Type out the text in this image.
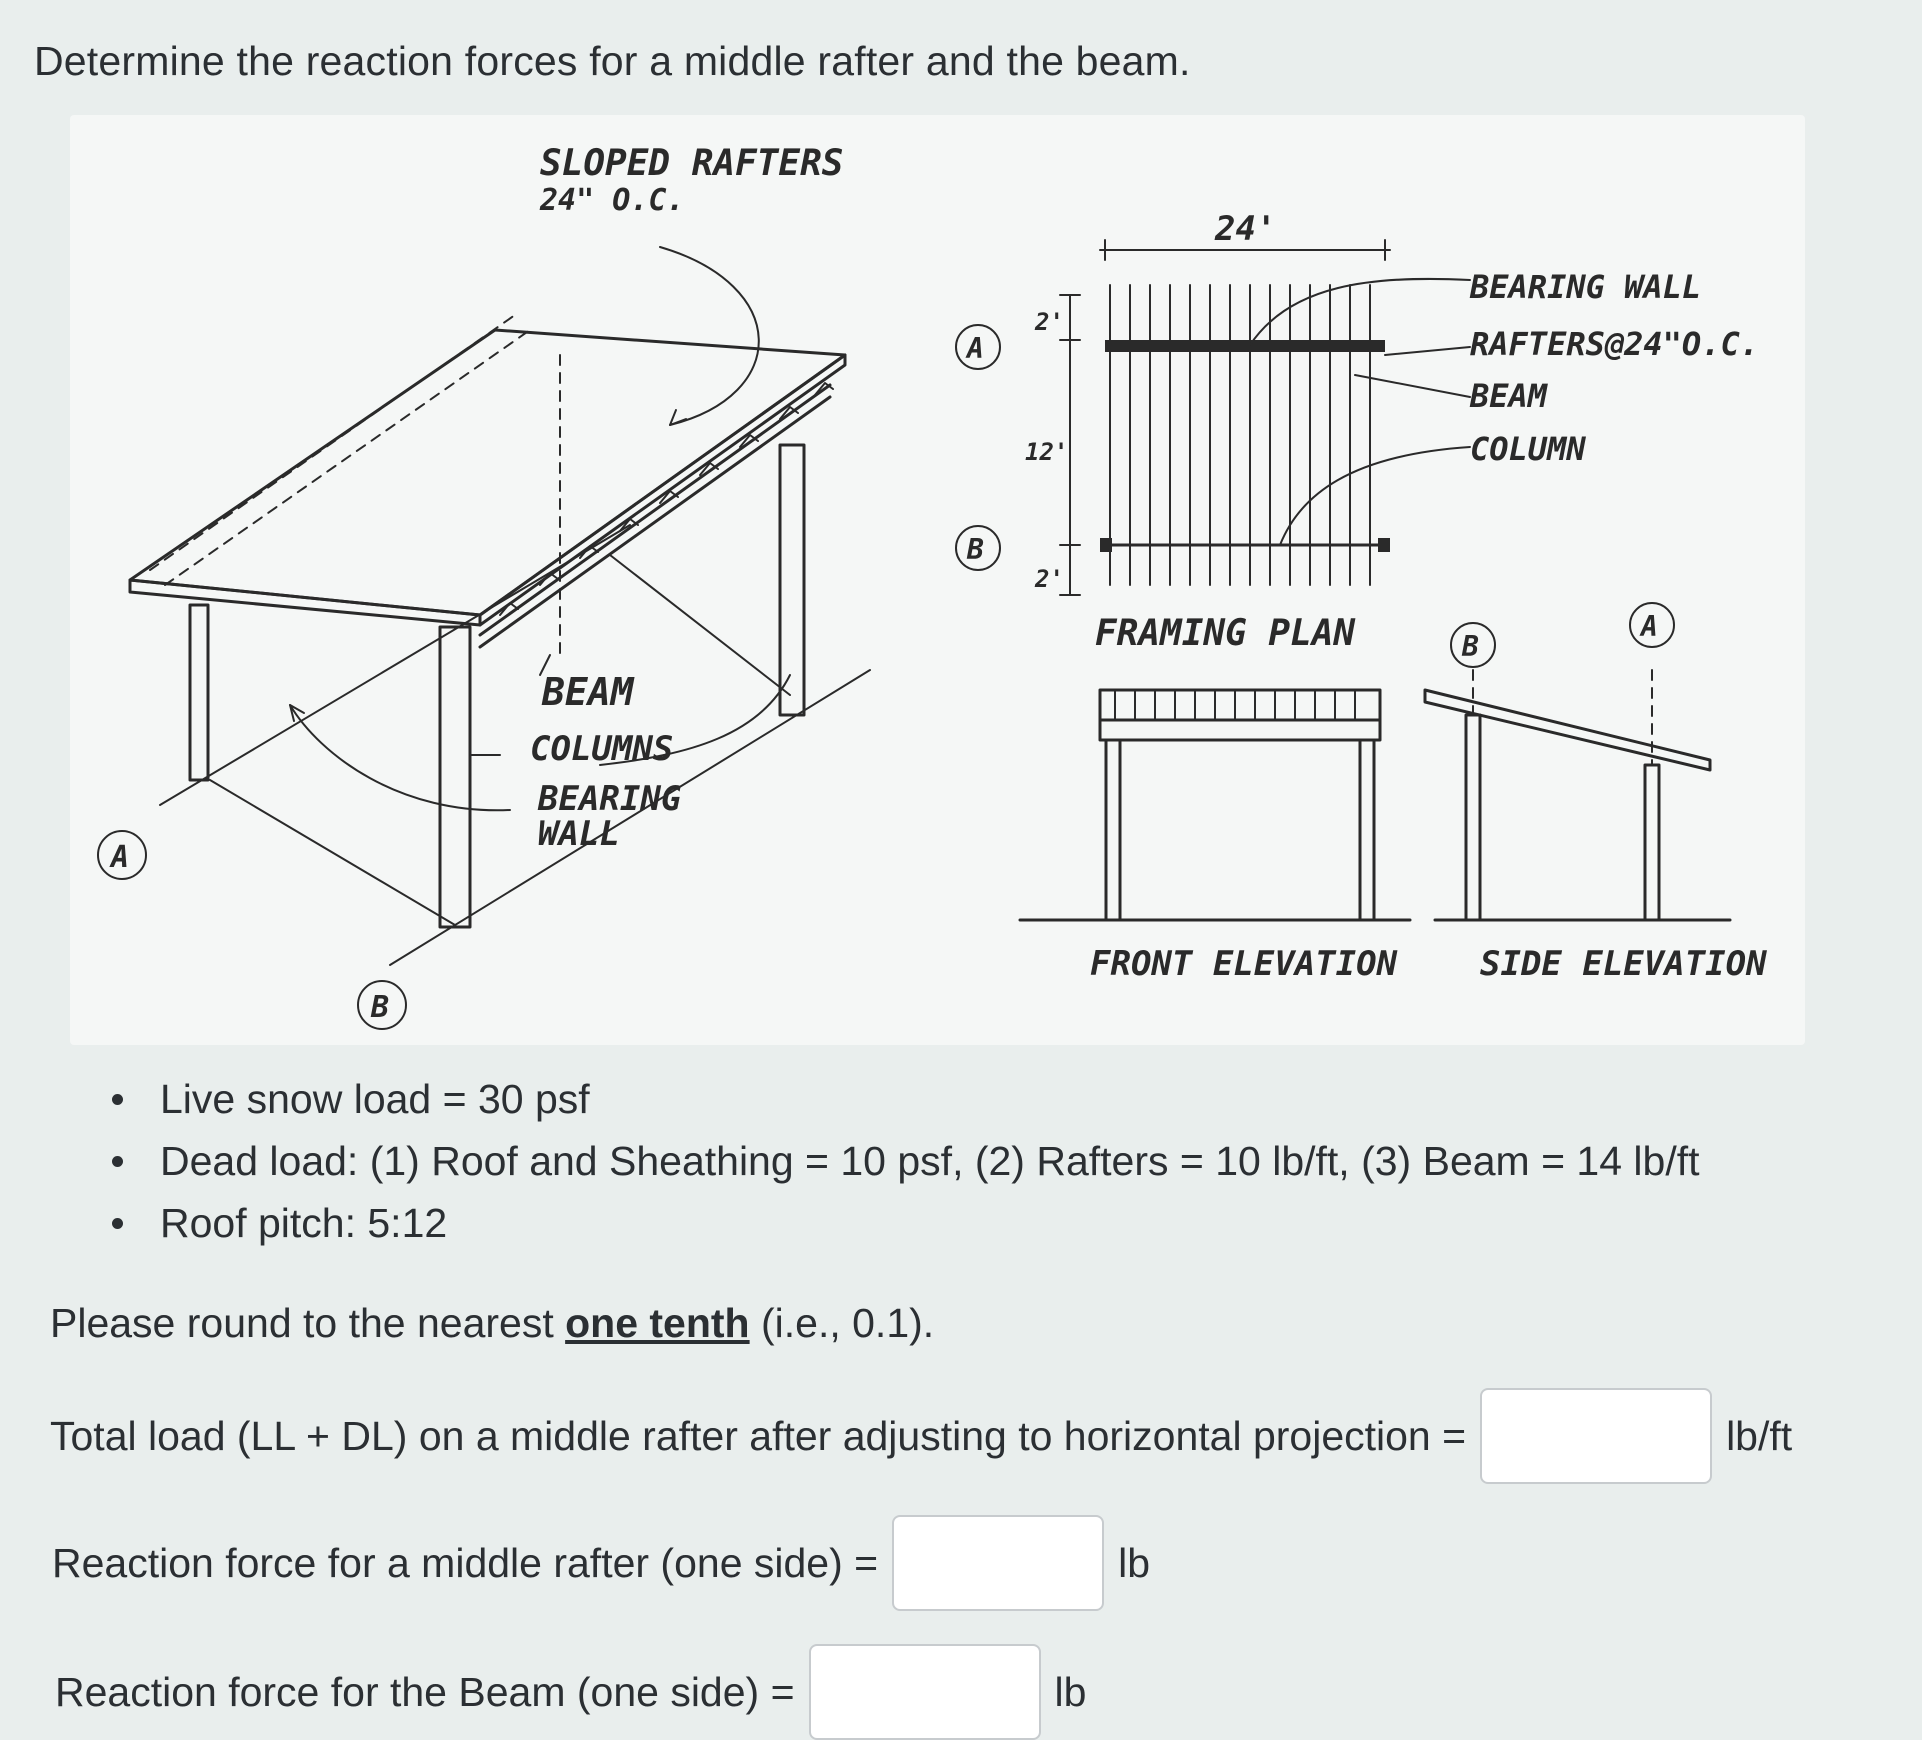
Determine the reaction forces for a middle rafter and the beam.
SLOPED RAFTERS
24" O.C.
BEAM
COLUMNS
BEARING
WALL
A
B
24'
2'
12'
2'
BEARING WALL
RAFTERS@24"O.C.
BEAM
COLUMN
A
B
FRAMING PLAN
FRONT ELEVATION
B
A
SIDE ELEVATION
Live snow load = 30 psf
Dead load: (1) Roof and Sheathing = 10 psf, (2) Rafters = 10 lb/ft, (3) Beam = 14 lb/ft
Roof pitch: 5:12
Please round to the nearest one tenth (i.e., 0.1).
Total load (LL + DL) on a middle rafter after adjusting to horizontal projection =	lb/ft
Reaction force for a middle rafter (one side) =	lb
Reaction force for the Beam (one side) =	lb
